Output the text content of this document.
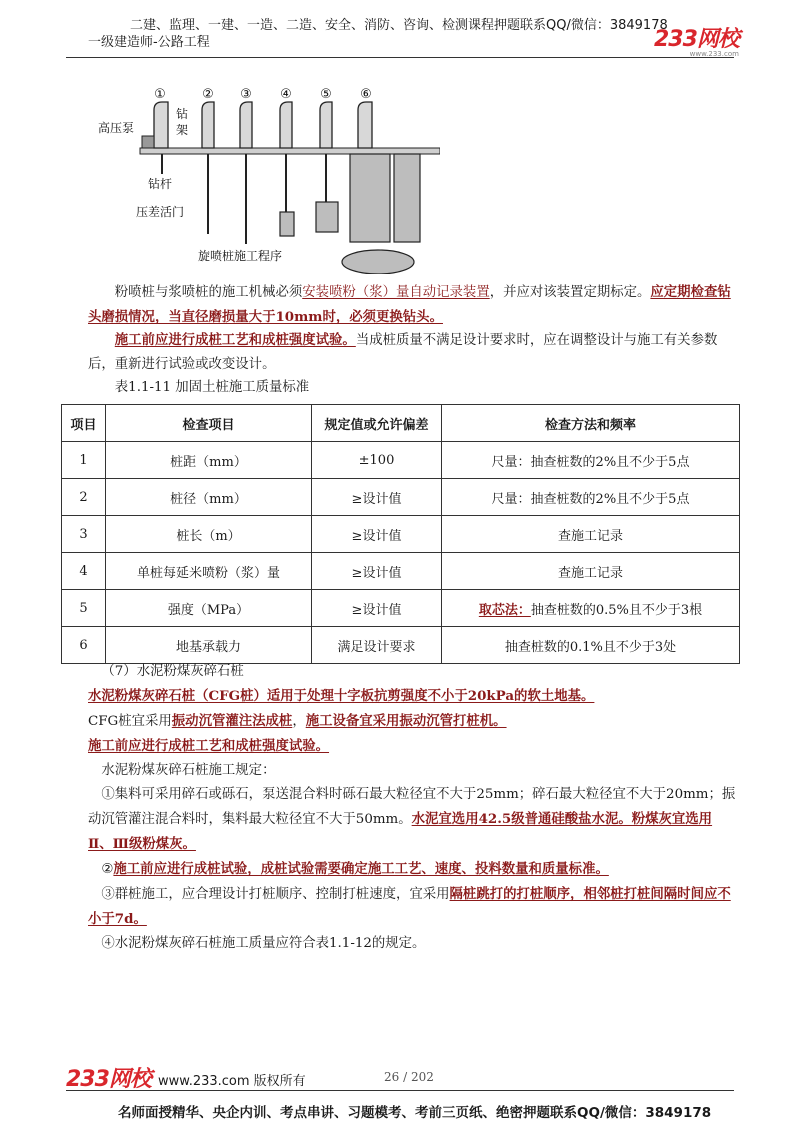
二建、监理、一建、一造、二造、安全、消防、咨询、检测课程押题联系QQ/微信：3849178
一级建造师-公路工程	233网校
www.233.com
①	② ③ ④ ⑤ ⑥
高压泵
钻
架
钻杆
压差活门
旋喷桩施工程序

  粉喷桩与浆喷桩的施工机械必须安装喷粉（浆）量自动记录装置，并应对该装置定期标定。应定期检查钻头磨损情况，当直径磨损量大于10mm时，必须更换钻头。

  施工前应进行成桩工艺和成桩强度试验。当成桩质量不满足设计要求时，应在调整设计与施工有关参数后，重新进行试验或改变设计。

  表1.1-11 加固土桩施工质量标准

项目	检查项目	规定值或允许偏差	检查方法和频率
1	桩距（mm）	±100	尺量：抽查桩数的2%且不少于5点
2	桩径（mm）	≥设计值	尺量：抽查桩数的2%且不少于5点
3	桩长（m）	≥设计值	查施工记录
4	单桩每延米喷粉（浆）量	≥设计值	查施工记录
5	强度（MPa）	≥设计值	取芯法：抽查桩数的0.5%且不少于3根
6	地基承载力	满足设计要求	抽查桩数的0.1%且不少于3处

 （7）水泥粉煤灰碎石桩

水泥粉煤灰碎石桩（CFG桩）适用于处理十字板抗剪强度不小于20kPa的软土地基。

CFG桩宜采用振动沉管灌注法成桩，施工设备宜采用振动沉管打桩机。

施工前应进行成桩工艺和成桩强度试验。

 水泥粉煤灰碎石桩施工规定：

 ①集料可采用碎石或砾石，泵送混合料时砾石最大粒径宜不大于25mm；碎石最大粒径宜不大于20mm；振动沉管灌注混合料时，集料最大粒径宜不大于50mm。水泥宜选用42.5级普通硅酸盐水泥。粉煤灰宜选用Ⅱ、Ⅲ级粉煤灰。

 ②施工前应进行成桩试验，成桩试验需要确定施工工艺、速度、投料数量和质量标准。

 ③群桩施工，应合理设计打桩顺序、控制打桩速度，宜采用隔桩跳打的打桩顺序，相邻桩打桩间隔时间应不小于7d。

 ④水泥粉煤灰碎石桩施工质量应符合表1.1-12的规定。

233网校 www.233.com 版权所有	26 / 202
名师面授精华、央企内训、考点串讲、习题模考、考前三页纸、绝密押题联系QQ/微信：3849178
